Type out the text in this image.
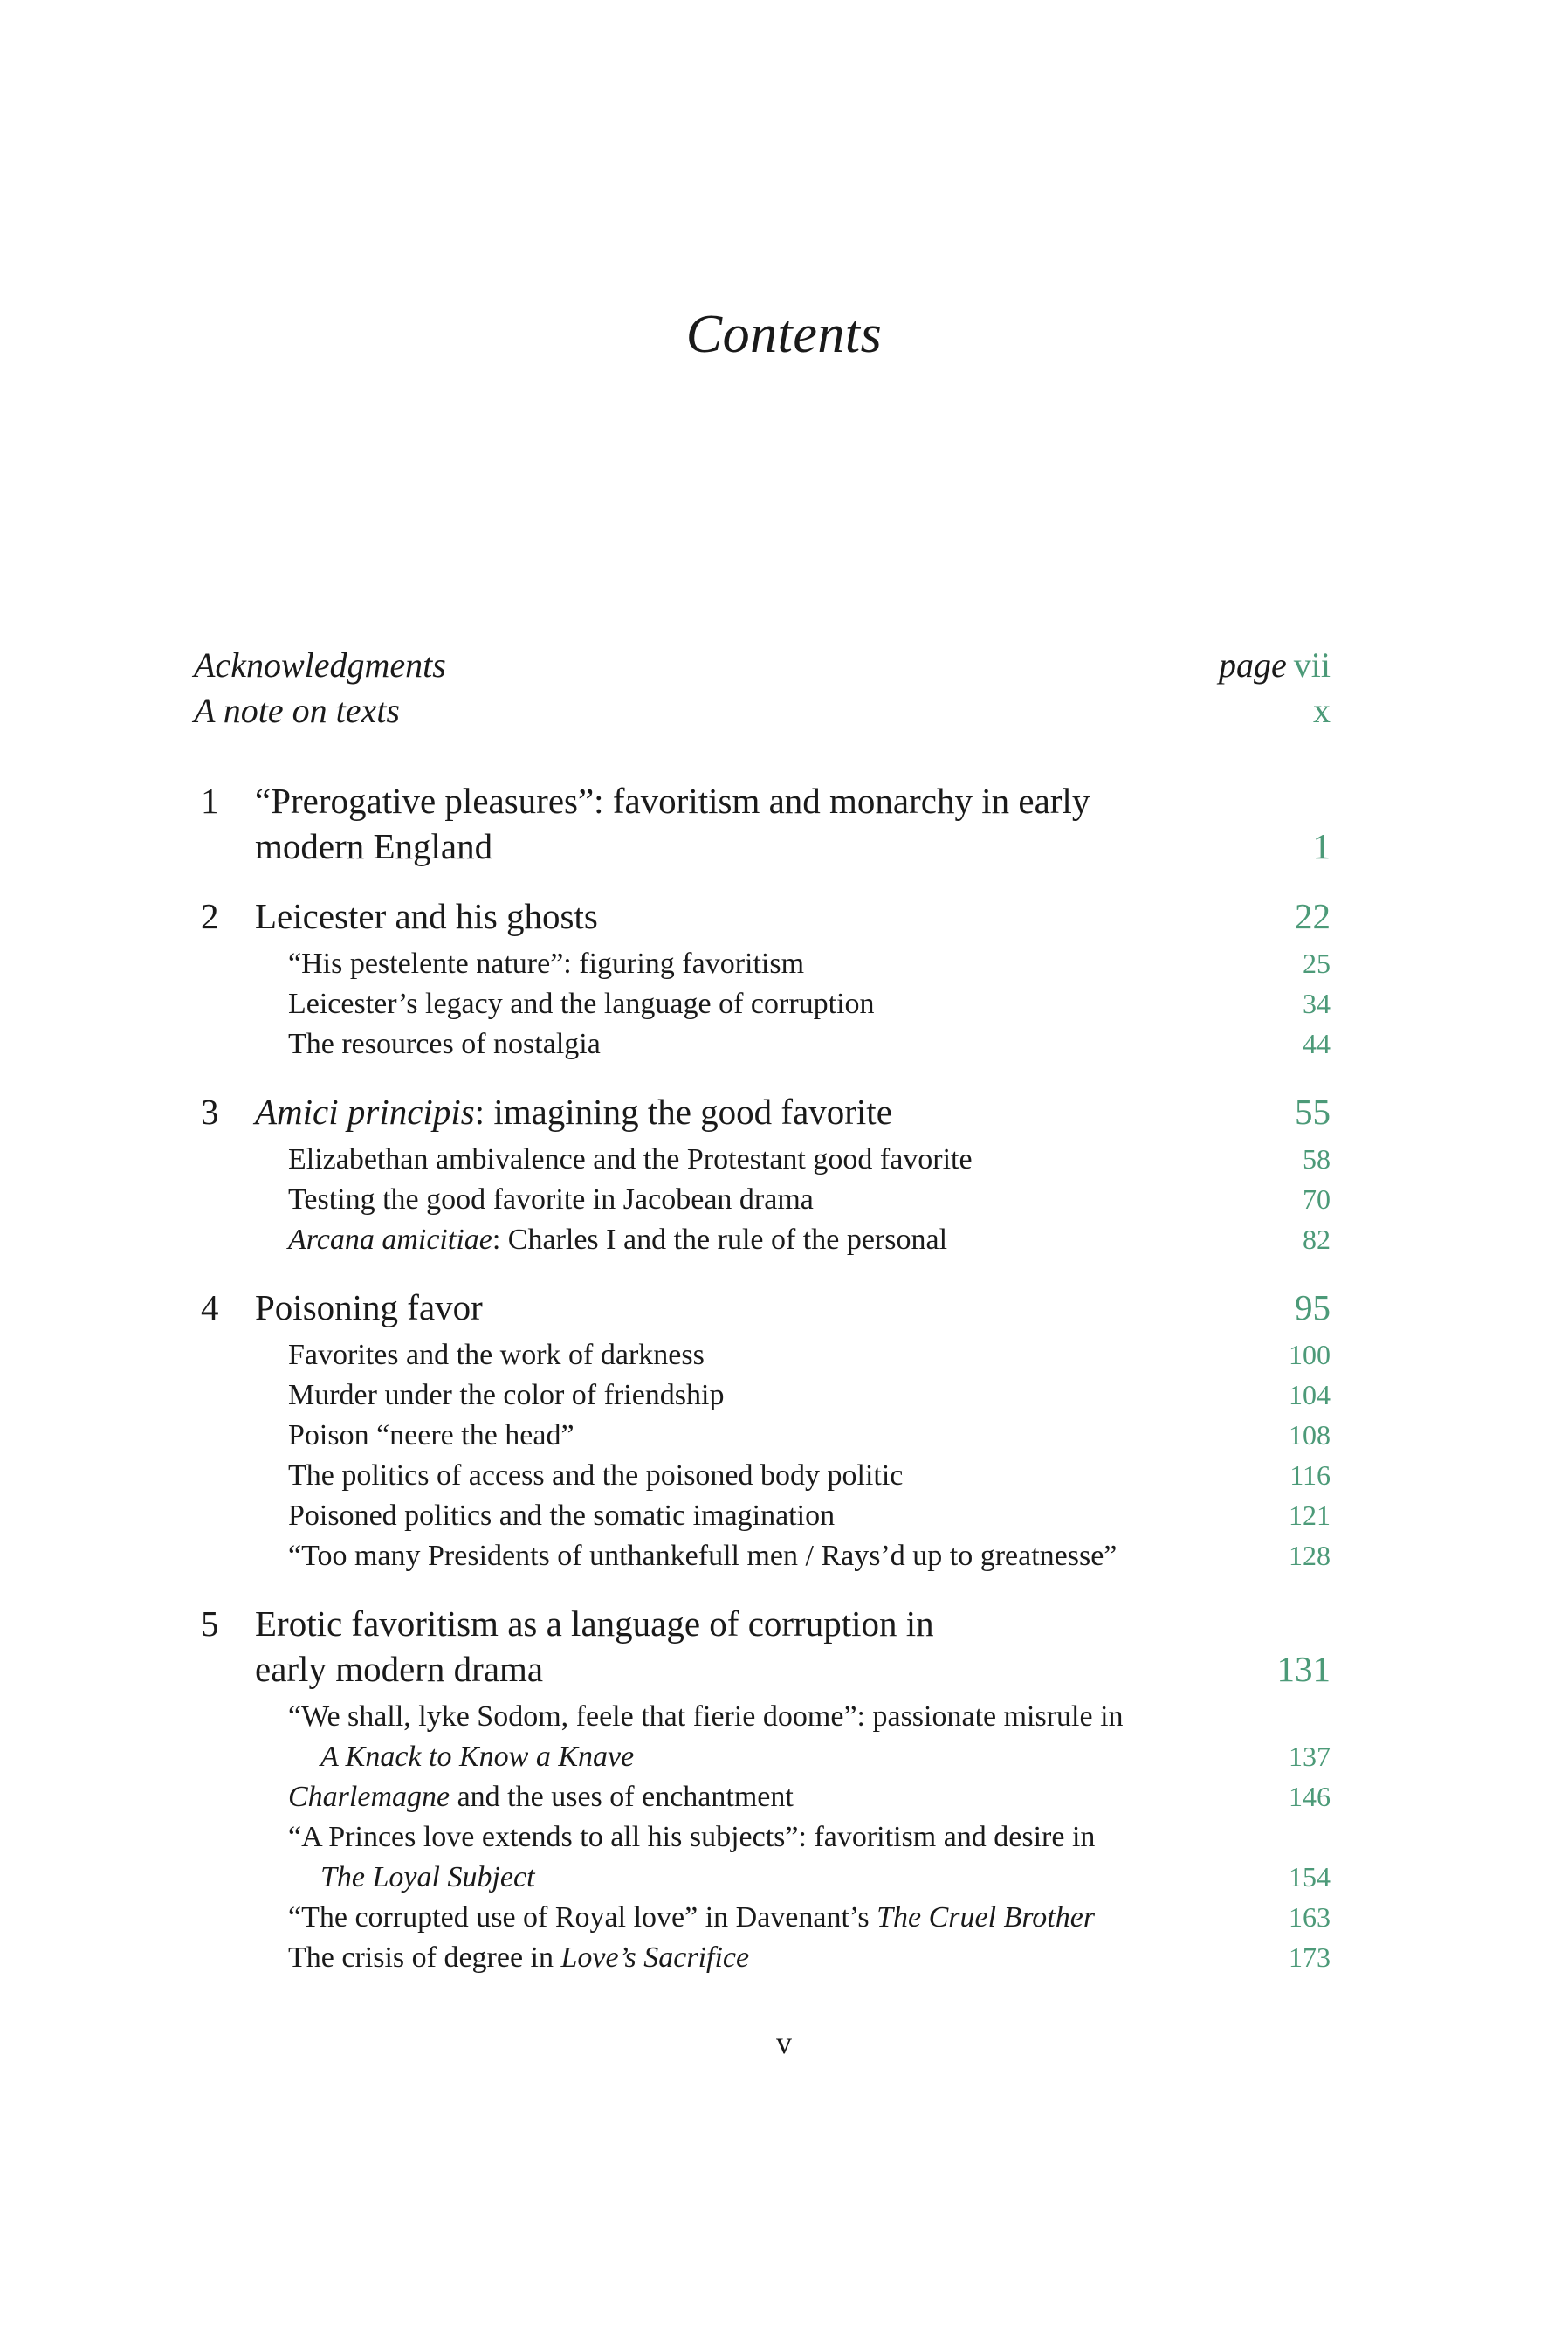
Contents
Acknowledgments	page vii
A note on texts	x
1 “Prerogative pleasures”: favoritism and monarchy in early
modern England	1
2 Leicester and his ghosts	22
“His pestelente nature”: figuring favoritism	25
Leicester’s legacy and the language of corruption	34
The resources of nostalgia	44
3 Amici principis: imagining the good favorite	55
Elizabethan ambivalence and the Protestant good favorite	58
Testing the good favorite in Jacobean drama	70
Arcana amicitiae: Charles I and the rule of the personal	82
4 Poisoning favor	95
Favorites and the work of darkness	100
Murder under the color of friendship	104
Poison “neere the head”	108
The politics of access and the poisoned body politic	116
Poisoned politics and the somatic imagination	121
“Too many Presidents of unthankefull men / Rays’d up to greatnesse”	128
5 Erotic favoritism as a language of corruption in
early modern drama	131
“We shall, lyke Sodom, feele that fierie doome”: passionate misrule in
A Knack to Know a Knave	137
Charlemagne and the uses of enchantment	146
“A Princes love extends to all his subjects”: favoritism and desire in
The Loyal Subject	154
“The corrupted use of Royal love” in Davenant’s The Cruel Brother	163
The crisis of degree in Love’s Sacrifice	173
v
